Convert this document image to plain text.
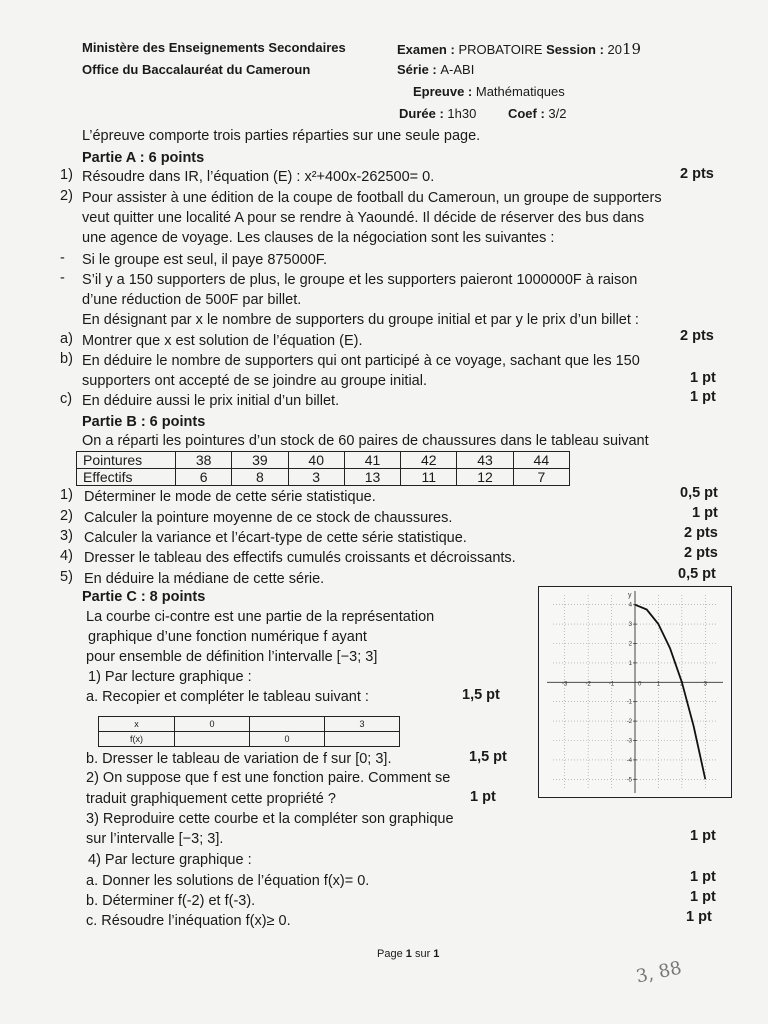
Ministère des Enseignements Secondaires
Office du Baccalauréat du Cameroun
Examen : PROBATOIRE Session : 2019
Série : A-ABI
Epreuve : Mathématiques
Durée : 1h30 Coef : 3/2
L’épreuve comporte trois parties réparties sur une seule page.
Partie A : 6 points
1) Résoudre dans IR, l’équation (E) : x²+400x-262500= 0.	2 pts
2) Pour assister à une édition de la coupe de football du Cameroun, un groupe de supporters
veut quitter une localité A pour se rendre à Yaoundé. Il décide de réserver des bus dans
une agence de voyage. Les clauses de la négociation sont les suivantes :
- Si le groupe est seul, il paye 875000F.
- S’il y a 150 supporters de plus, le groupe et les supporters paieront 1000000F à raison
d’une réduction de 500F par billet.
En désignant par x le nombre de supporters du groupe initial et par y le prix d’un billet :
a) Montrer que x est solution de l’équation (E).	2 pts
b) En déduire le nombre de supporters qui ont participé à ce voyage, sachant que les 150
supporters ont accepté de se joindre au groupe initial.	1 pt
c) En déduire aussi le prix initial d’un billet.	1 pt
Partie B : 6 points
On a réparti les pointures d’un stock de 60 paires de chaussures dans le tableau suivant
Pointures	38	39	40	41	42	43	44
Effectifs	6	8	3	13	11	12	7
1) Déterminer le mode de cette série statistique.	0,5 pt
2) Calculer la pointure moyenne de ce stock de chaussures.	1 pt
3) Calculer la variance et l’écart-type de cette série statistique.	2 pts
4) Dresser le tableau des effectifs cumulés croissants et décroissants.	2 pts
5) En déduire la médiane de cette série.	0,5 pt
Partie C : 8 points
La courbe ci-contre est une partie de la représentation
graphique d’une fonction numérique f ayant
pour ensemble de définition l’intervalle [−3; 3]
1) Par lecture graphique :
a. Recopier et compléter le tableau suivant :	1,5 pt
x	0		3
f(x)		0	
b. Dresser le tableau de variation de f sur [0; 3].	1,5 pt
2) On suppose que f est une fonction paire. Comment se
traduit graphiquement cette propriété ?	1 pt
3) Reproduire cette courbe et la compléter son graphique
sur l’intervalle [−3; 3].	1 pt
4) Par lecture graphique :
a. Donner les solutions de l’équation f(x)= 0.	1 pt
b. Déterminer f(-2) et f(-3).	1 pt
c. Résoudre l’inéquation f(x)≥ 0.	1 pt
y
-3	-2	-1	1	2	3
4
3
2
1
-1
-2
-3
-4
-5
0
Page 1 sur 1
3, 88
